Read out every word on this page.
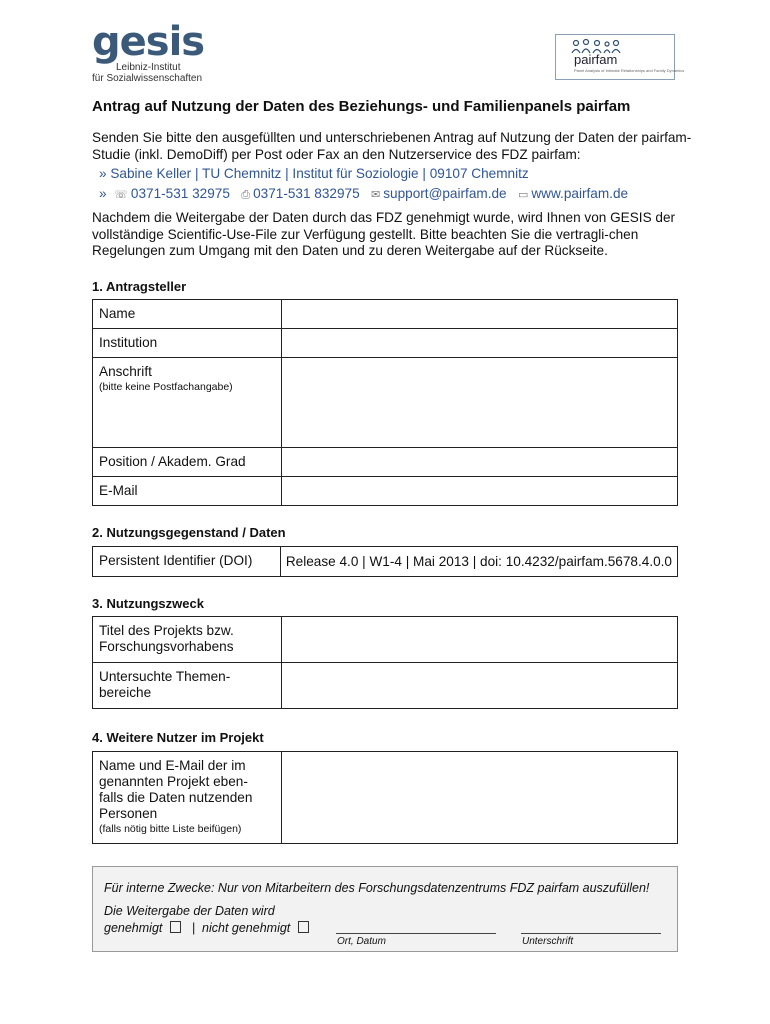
gesis
Leibniz-Institut
für Sozialwissenschaften
pairfam
Panel Analysis of Intimate Relationships and Family Dynamics
Antrag auf Nutzung der Daten des Beziehungs- und Familienpanels pairfam
Senden Sie bitte den ausgefüllten und unterschriebenen Antrag auf Nutzung der Daten der pairfam-Studie (inkl. DemoDiff) per Post oder Fax an den Nutzerservice des FDZ pairfam:
» Sabine Keller | TU Chemnitz | Institut für Soziologie | 09107 Chemnitz
» ☏ 0371-531 32975 ⎙ 0371-531 832975 ✉ support@pairfam.de ▭ www.pairfam.de
Nachdem die Weitergabe der Daten durch das FDZ genehmigt wurde, wird Ihnen von GESIS der vollständige Scientific-Use-File zur Verfügung gestellt. Bitte beachten Sie die vertragli-chen Regelungen zum Umgang mit den Daten und zu deren Weitergabe auf der Rückseite.
1. Antragsteller
Name	
Institution	
Anschrift
(bitte keine Postfachangabe)	

Position / Akadem. Grad	
E-Mail	
2. Nutzungsgegenstand / Daten
Persistent Identifier (DOI)	Release 4.0 | W1-4 | Mai 2013 | doi: 10.4232/pairfam.5678.4.0.0
3. Nutzungszweck
Titel des Projekts bzw.
Forschungsvorhabens	
Untersuchte Themen-
bereiche	
4. Weitere Nutzer im Projekt
Name und E-Mail der im
genannten Projekt eben-
falls die Daten nutzenden
Personen
(falls nötig bitte Liste beifügen)

Für interne Zwecke: Nur von Mitarbeitern des Forschungsdatenzentrums FDZ pairfam auszufüllen!
Die Weitergabe der Daten wird
genehmigt | nicht genehmigt
Ort, Datum	Unterschrift
